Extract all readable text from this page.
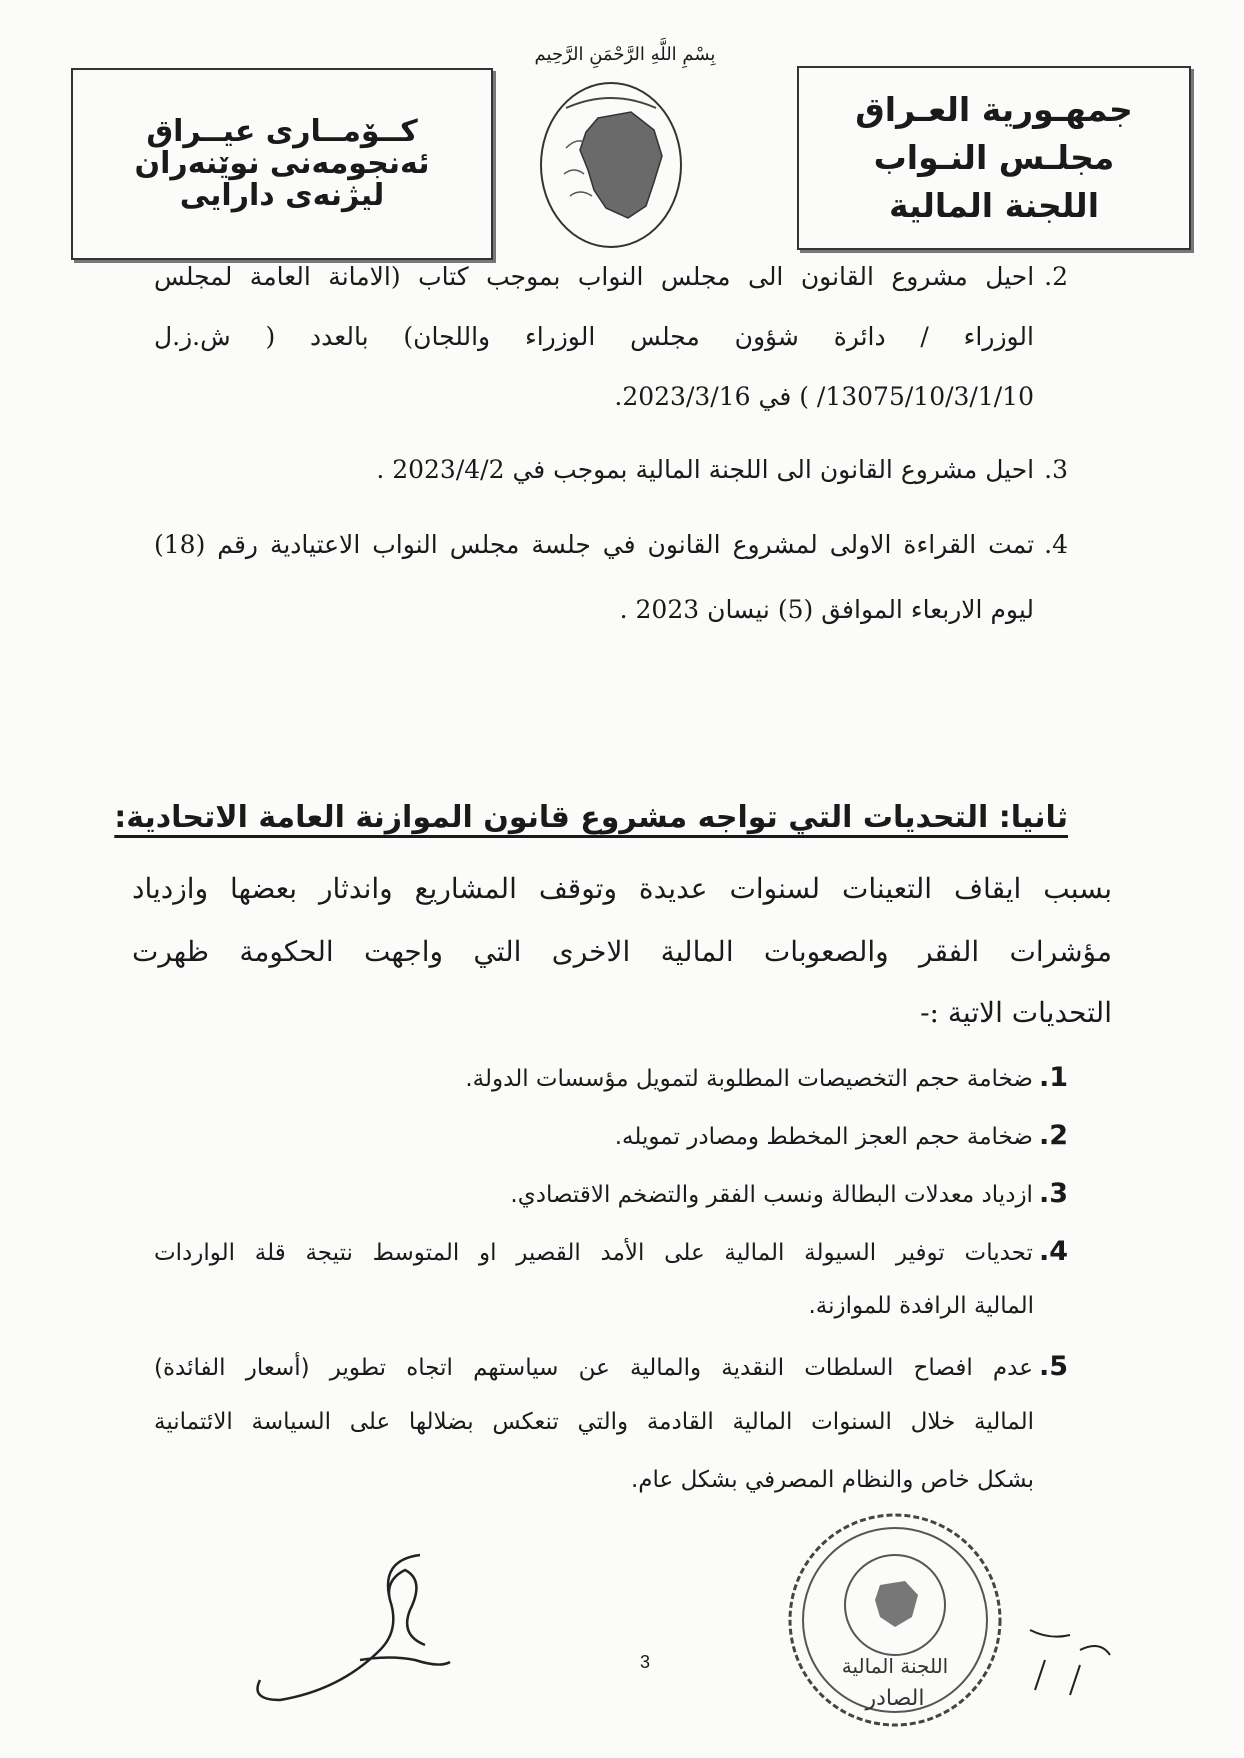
جمهـورية العـراق
مجلـس النـواب
اللجنة المالية
كــۆمــارى عيــراق
ئەنجومەنى نوێنەران
لیژنەی دارایی
بِسْمِ اللَّهِ الرَّحْمَنِ الرَّحِيم
2.احيل مشروع القانون الى مجلس النواب بموجب كتاب (الامانة العامة لمجلس
الوزراء / دائرة شؤون مجلس الوزراء واللجان) بالعدد ( ش.ز.ل
13075/10/3/1/10/ ) في 2023/3/16.
3.احيل مشروع القانون الى اللجنة المالية بموجب في 2023/4/2 .
4.تمت القراءة الاولى لمشروع القانون في جلسة مجلس النواب الاعتيادية رقم (18)
ليوم الاربعاء الموافق (5) نيسان 2023 .
ثانيا: التحديات التي تواجه مشروع قانون الموازنة العامة الاتحادية:
بسبب ايقاف التعينات لسنوات عديدة وتوقف المشاريع واندثار بعضها وازدياد
مؤشرات الفقر والصعوبات المالية الاخرى التي واجهت الحكومة ظهرت
التحديات الاتية :-
1.ضخامة حجم التخصيصات المطلوبة لتمويل مؤسسات الدولة.
2.ضخامة حجم العجز المخطط ومصادر تمويله.
3.ازدياد معدلات البطالة ونسب الفقر والتضخم الاقتصادي.
4.تحديات توفير السيولة المالية على الأمد القصير او المتوسط نتيجة قلة الواردات
المالية الرافدة للموازنة.
5.عدم افصاح السلطات النقدية والمالية عن سياستهم اتجاه تطوير (أسعار الفائدة)
المالية خلال السنوات المالية القادمة والتي تنعكس بضلالها على السياسة الائتمانية
بشكل خاص والنظام المصرفي بشكل عام.
3	اللجنة المالية
الصادر
